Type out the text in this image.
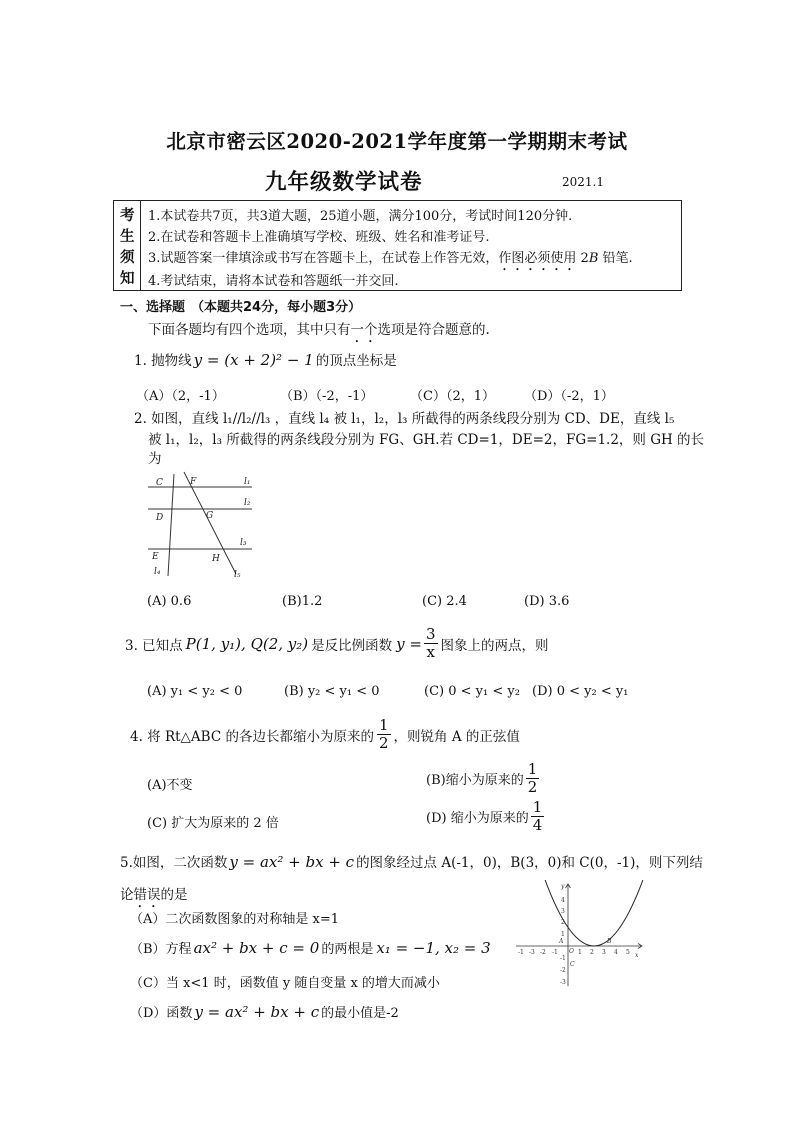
北京市密云区2020-2021学年度第一学期期末考试
九年级数学试卷	2021.1
考
生
须
知
1.本试卷共7页，共3道大题，25道小题，满分100分，考试时间120分钟.
2.在试卷和答题卡上准确填写学校、班级、姓名和准考证号.
3.试题答案一律填涂或书写在答题卡上，在试卷上作答无效，作图必须使用 2B 铅笔.
4.考试结束，请将本试卷和答题纸一并交回.
一、选择题 （本题共24分，每小题3分）
下面各题均有四个选项，其中只有一个选项是符合题意的.
1. 抛物线 y = (x + 2)² − 1 的顶点坐标是
（A）（2，-1）	（B）（-2，-1）	（C）（2，1） （D）（-2，1）
2. 如图，直线 l₁//l₂//l₃ ，直线 l₄ 被 l₁，l₂，l₃ 所截得的两条线段分别为 CD、DE，直线 l₅
被 l₁，l₂，l₃ 所截得的两条线段分别为 FG、GH.若 CD=1，DE=2，FG=1.2，则 GH 的长
为
C	F	l₁
l₂
D	G
l₃
E	H
l₄	l₅
(A) 0.6	(B)1.2	(C) 2.4	(D) 3.6
3. 已知点 P(1, y₁), Q(2, y₂) 是反比例函数 $y = \frac{3}{x}$ 图象上的两点，则
(A) y₁ < y₂ < 0	(B) y₂ < y₁ < 0	(C) 0 < y₁ < y₂ (D) 0 < y₂ < y₁
4. 将 Rt△ABC 的各边长都缩小为原来的 $\frac{1}{2}$ ，则锐角 A 的正弦值
(A)不变	(B)缩小为原来的 $\frac{1}{2}$
(C) 扩大为原来的 2 倍	(D) 缩小为原来的 $\frac{1}{4}$
5.如图，二次函数 y = ax² + bx + c 的图象经过点 A(-1，0)，B(3，0)和 C(0，-1)，则下列结
论错误的是
（A）二次函数图象的对称轴是 x=1
（B）方程 ax² + bx + c = 0 的两根是 x₁ = −1, x₂ = 3
（C）当 x<1 时，函数值 y 随自变量 x 的增大而减小
（D）函数 y = ax² + bx + c 的最小值是-2
y
x
4
3
2
1
-1
-2
-3
-1 -3 -2 -1	1 2 3 4 5
A
O
C
B
